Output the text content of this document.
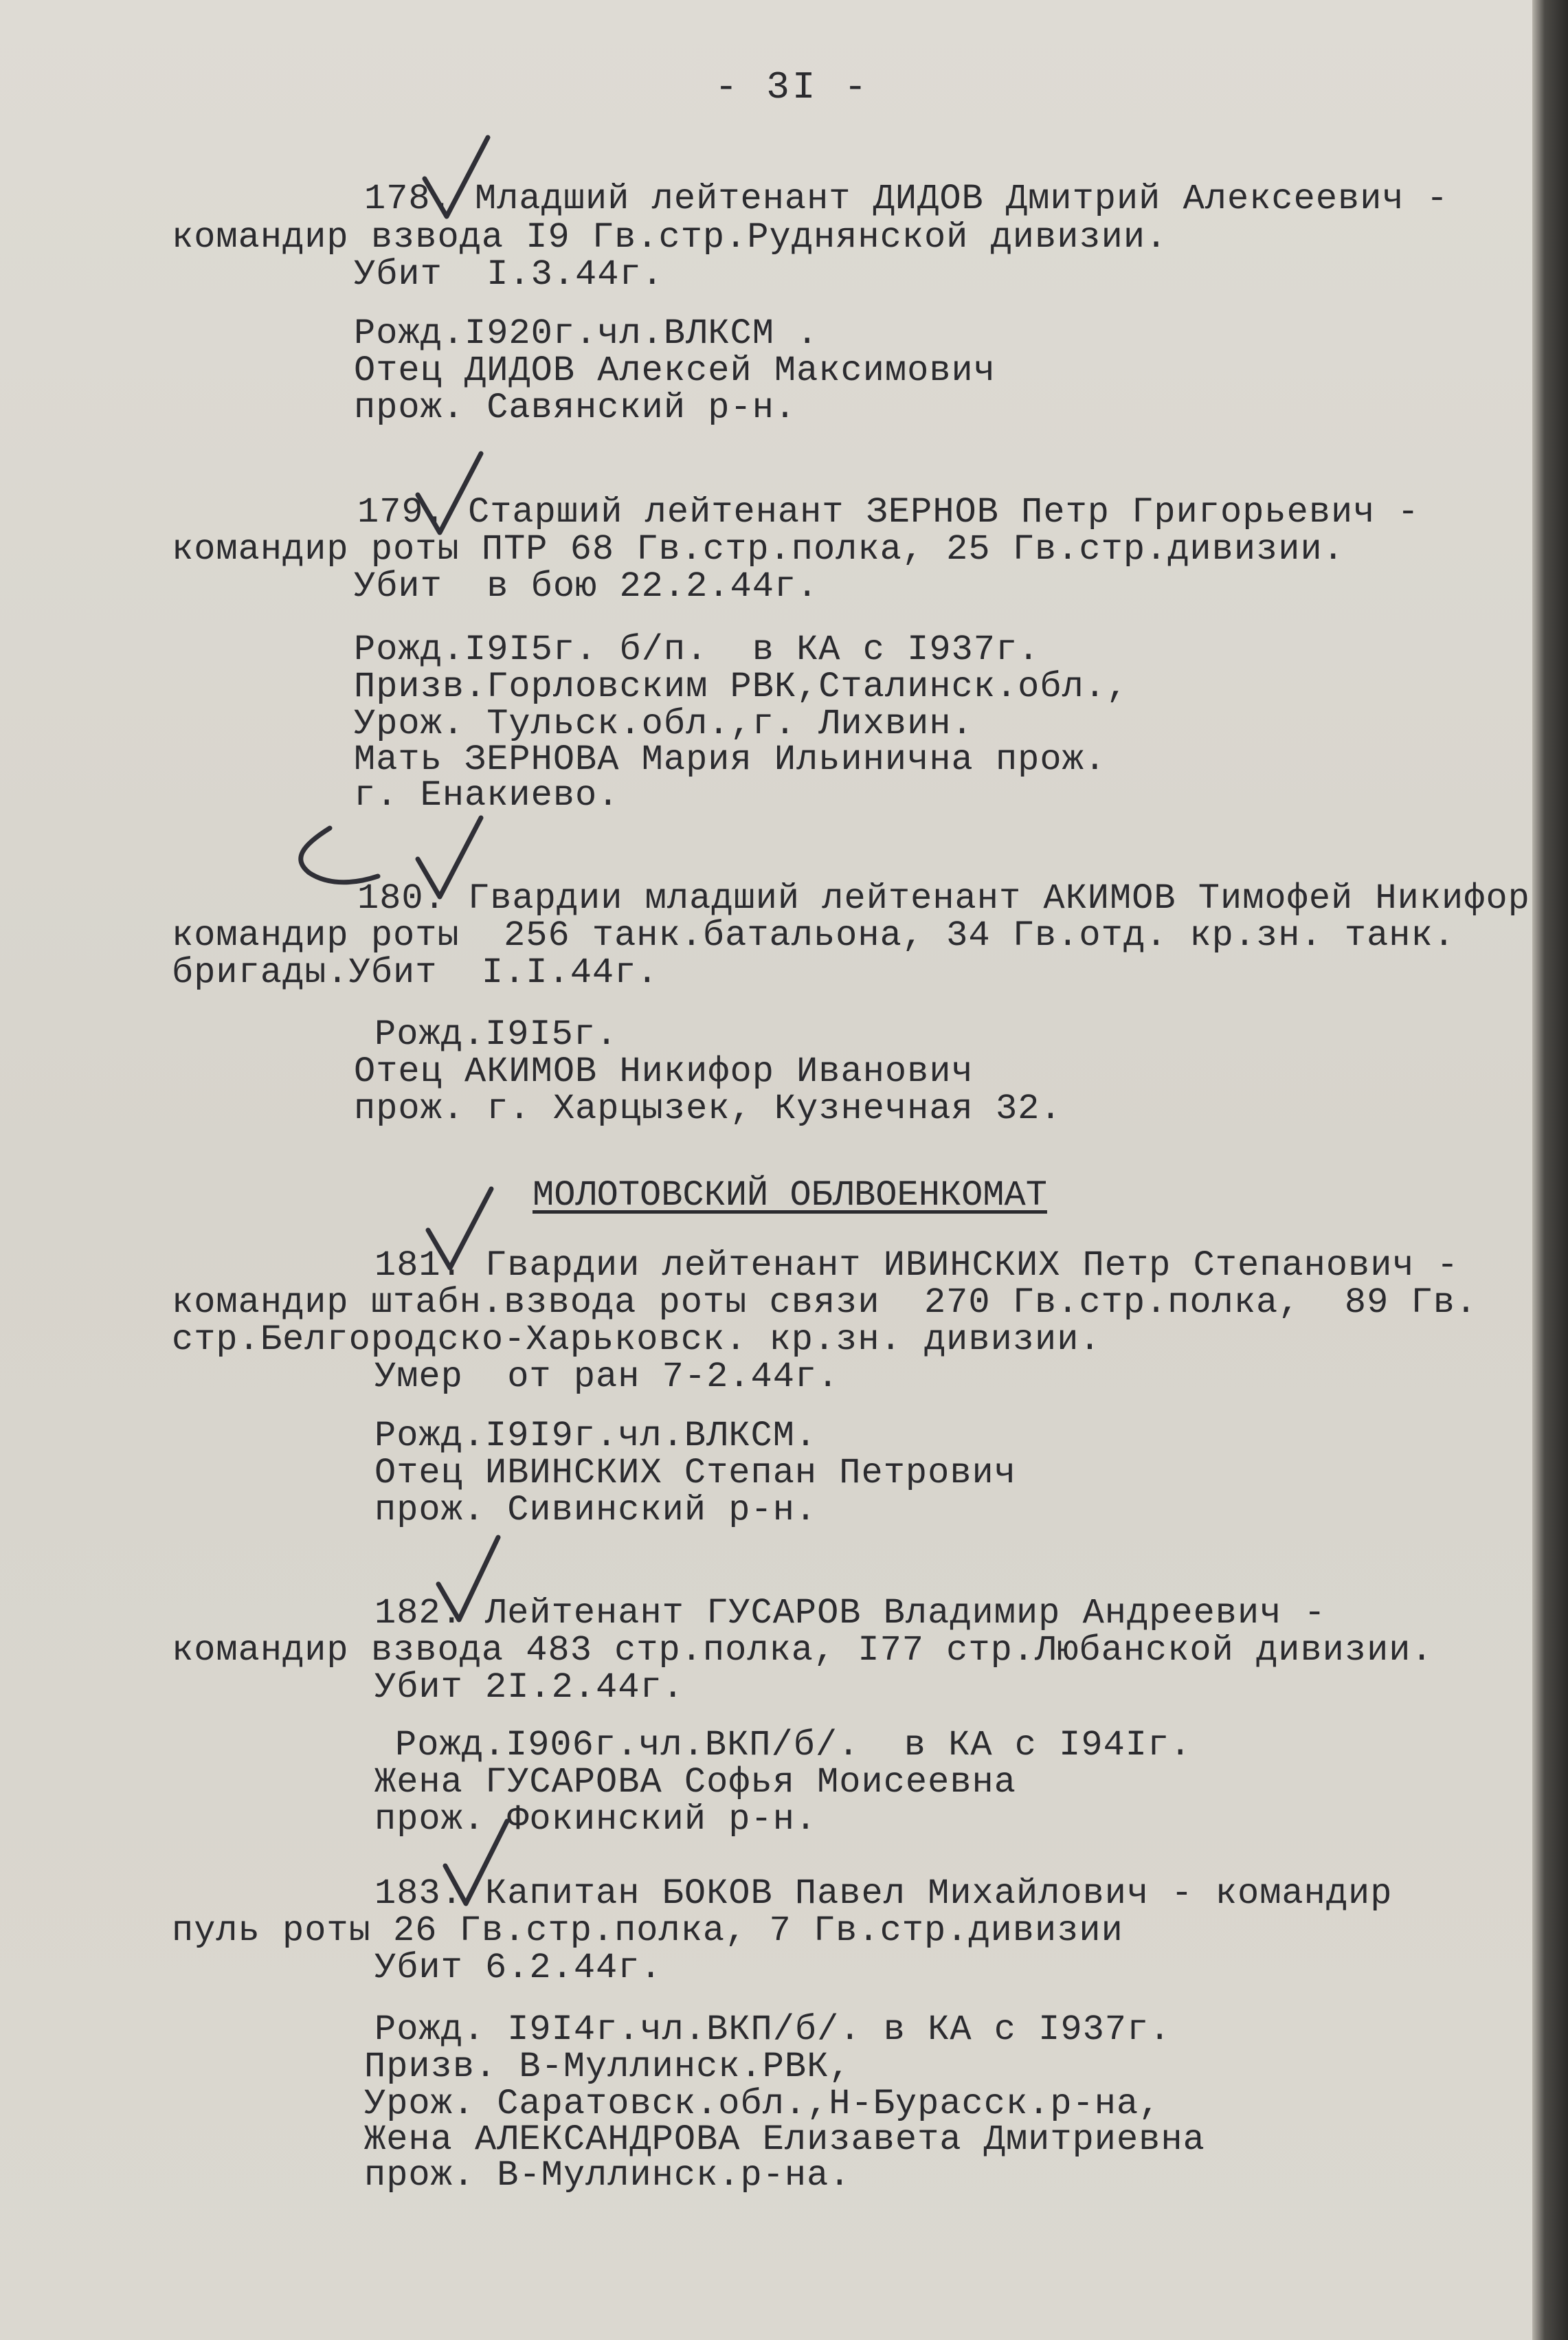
- 3I -
178. Младший лейтенант ДИДОВ Дмитрий Алексеевич -
командир взвода I9 Гв.стр.Руднянской дивизии.
Убит  I.3.44г.
Рожд.I920г.чл.ВЛКСМ .
Отец ДИДОВ Алексей Максимович
прож. Савянский р-н.
179. Старший лейтенант ЗЕРНОВ Петр Григорьевич -
командир роты ПТР 68 Гв.стр.полка, 25 Гв.стр.дивизии.
Убит  в бою 22.2.44г.
Рожд.I9I5г. б/п.  в КА с I937г.
Призв.Горловским РВК,Сталинск.обл.,
Урож. Тульск.обл.,г. Лихвин.
Мать ЗЕРНОВА Мария Ильинична прож.
г. Енакиево.
180. Гвардии младший лейтенант АКИМОВ Тимофей Никифор
командир роты  256 танк.батальона, 34 Гв.отд. кр.зн. танк.
бригады.Убит  I.I.44г.
Рожд.I9I5г.
Отец АКИМОВ Никифор Иванович
прож. г. Харцызек, Кузнечная 32.
МОЛОТОВСКИЙ ОБЛВОЕНКОМАТ
181. Гвардии лейтенант ИВИНСКИХ Петр Степанович -
командир штабн.взвода роты связи  270 Гв.стр.полка,  89 Гв.
стр.Белгородско-Харьковск. кр.зн. дивизии.
Умер  от ран 7-2.44г.
Рожд.I9I9г.чл.ВЛКСМ.
Отец ИВИНСКИХ Степан Петрович
прож. Сивинский р-н.
182. Лейтенант ГУСАРОВ Владимир Андреевич -
командир взвода 483 стр.полка, I77 стр.Любанской дивизии.
Убит 2I.2.44г.
Рожд.I906г.чл.ВКП/б/.  в КА с I94Iг.
Жена ГУСАРОВА Софья Моисеевна
прож. Фокинский р-н.
183. Капитан БОКОВ Павел Михайлович - командир
пуль роты 26 Гв.стр.полка, 7 Гв.стр.дивизии
Убит 6.2.44г.
Рожд. I9I4г.чл.ВКП/б/. в КА с I937г.
Призв. В-Муллинск.РВК,
Урож. Саратовск.обл.,Н-Бурасск.р-на,
Жена АЛЕКСАНДРОВА Елизавета Дмитриевна
прож. В-Муллинск.р-на.
